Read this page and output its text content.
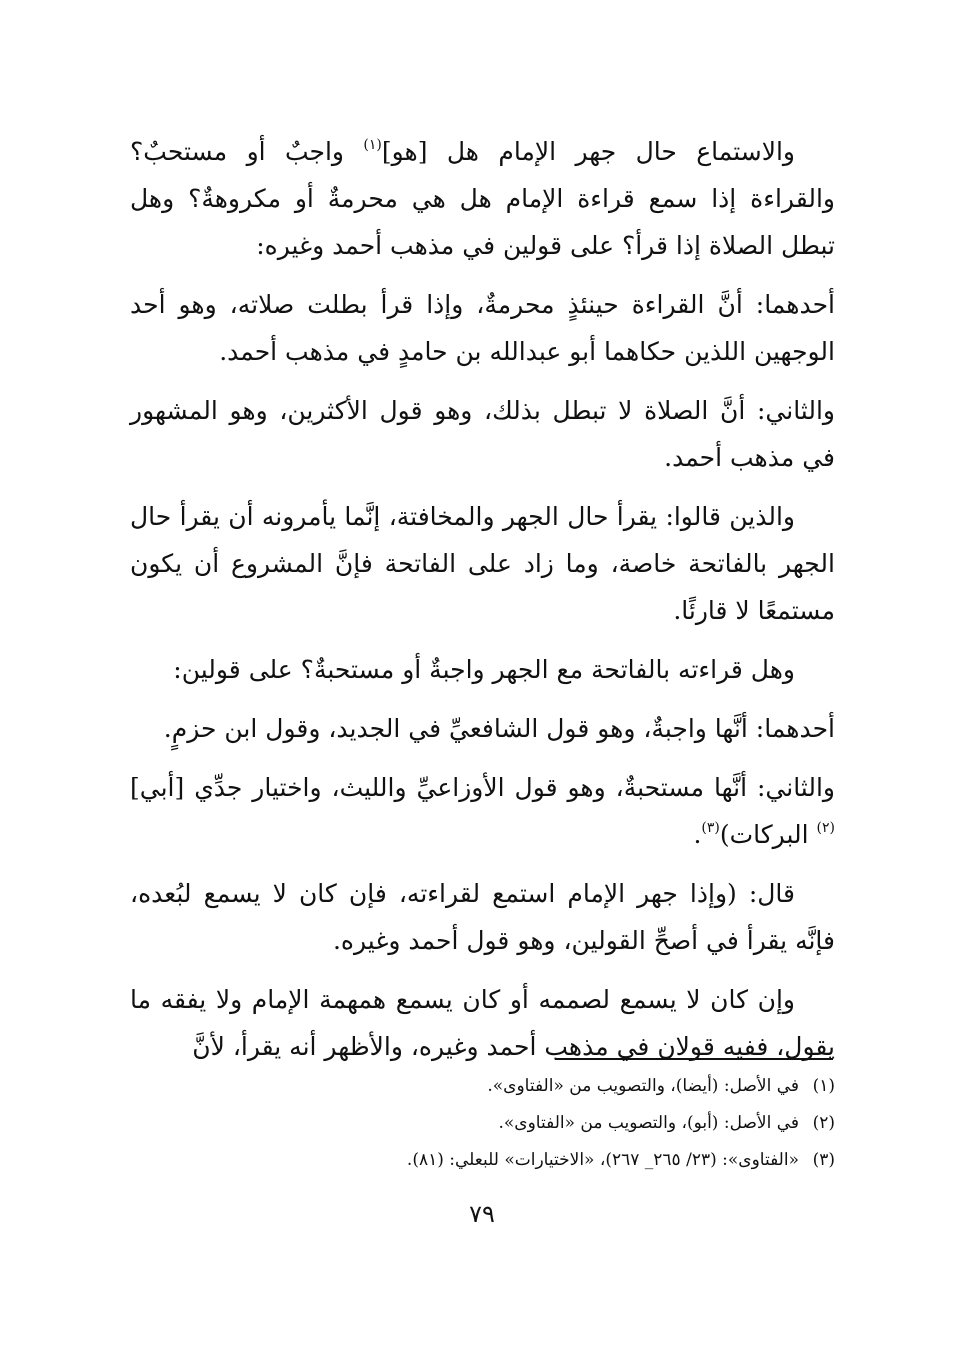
والاستماع حال جهر الإمام هل [هو]$^{(١)}$ واجبٌ أو مستحبٌ؟ والقراءة إذا سمع قراءة الإمام هل هي محرمةٌ أو مكروهةٌ؟ وهل تبطل الصلاة إذا قرأ؟ على قولين في مذهب أحمد وغيره:

أحدهما: أنَّ القراءة حينئذٍ محرمةٌ، وإذا قرأ بطلت صلاته، وهو أحد الوجهين اللذين حكاهما أبو عبدالله بن حامدٍ في مذهب أحمد.

والثاني: أنَّ الصلاة لا تبطل بذلك، وهو قول الأكثرين، وهو المشهور في مذهب أحمد.

والذين قالوا: يقرأ حال الجهر والمخافتة، إنَّما يأمرونه أن يقرأ حال الجهر بالفاتحة خاصة، وما زاد على الفاتحة فإنَّ المشروع أن يكون مستمعًا لا قارئًا.

وهل قراءته بالفاتحة مع الجهر واجبةٌ أو مستحبةٌ؟ على قولين:

أحدهما: أنَّها واجبةٌ، وهو قول الشافعيِّ في الجديد، وقول ابن حزمٍ.

والثاني: أنَّها مستحبةٌ، وهو قول الأوزاعيِّ والليث، واختيار جدِّي [أبي]$^{(٢)}$ البركات)$^{(٣)}$.

قال: (وإذا جهر الإمام استمع لقراءته، فإن كان لا يسمع لبُعده، فإنَّه يقرأ في أصحِّ القولين، وهو قول أحمد وغيره.

وإن كان لا يسمع لصممه أو كان يسمع همهمة الإمام ولا يفقه ما يقول، ففيه قولان في مذهب أحمد وغيره، والأظهر أنه يقرأ، لأنَّ

(١)في الأصل: (أيضا)، والتصويب من «الفتاوى».
(٢)في الأصل: (أبو)، والتصويب من «الفتاوى».
(٣)«الفتاوى»: (٢٣/ ٢٦٥_ ٢٦٧)، «الاختيارات» للبعلي: (٨١).
٧٩
